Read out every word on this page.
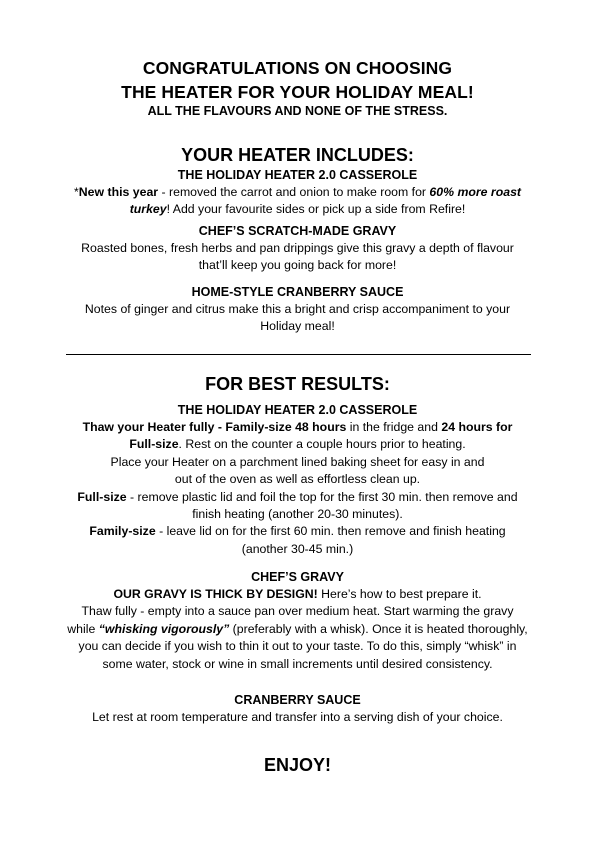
CONGRATULATIONS ON CHOOSING
THE HEATER FOR YOUR HOLIDAY MEAL!
ALL THE FLAVOURS AND NONE OF THE STRESS.
YOUR HEATER INCLUDES:
THE HOLIDAY HEATER 2.0 CASSEROLE
*New this year - removed the carrot and onion to make room for 60% more roast
turkey! Add your favourite sides or pick up a side from Refire!
CHEF’S SCRATCH-MADE GRAVY
Roasted bones, fresh herbs and pan drippings give this gravy a depth of flavour
that’ll keep you going back for more!
HOME-STYLE CRANBERRY SAUCE
Notes of ginger and citrus make this a bright and crisp accompaniment to your
Holiday meal!
FOR BEST RESULTS:
THE HOLIDAY HEATER 2.0 CASSEROLE
Thaw your Heater fully - Family-size 48 hours in the fridge and 24 hours for
Full-size. Rest on the counter a couple hours prior to heating.
Place your Heater on a parchment lined baking sheet for easy in and
out of the oven as well as effortless clean up.
Full-size - remove plastic lid and foil the top for the first 30 min. then remove and
finish heating (another 20-30 minutes).
Family-size - leave lid on for the first 60 min. then remove and finish heating
(another 30-45 min.)
CHEF’S GRAVY
OUR GRAVY IS THICK BY DESIGN! Here’s how to best prepare it.
Thaw fully - empty into a sauce pan over medium heat. Start warming the gravy
while “whisking vigorously” (preferably with a whisk). Once it is heated thoroughly,
you can decide if you wish to thin it out to your taste. To do this, simply “whisk” in
some water, stock or wine in small increments until desired consistency.
CRANBERRY SAUCE
Let rest at room temperature and transfer into a serving dish of your choice.
ENJOY!
